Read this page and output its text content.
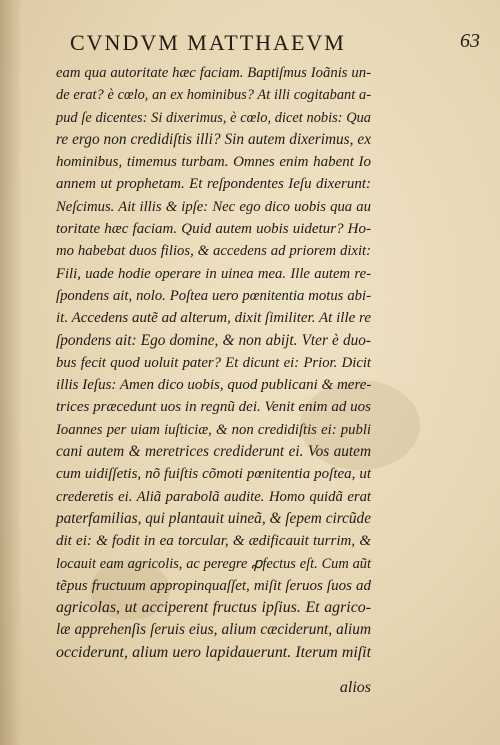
CVNDVM MATTHAEVM	63
eam qua autoritate hæc faciam. Baptiſmus Ioãnis un-
de erat? è cœlo, an ex hominibus? At illi cogitabant a-
pud ſe dicentes: Si dixerimus, è cœlo, dicet nobis: Qua
re ergo non credidiſtis illi? Sin autem dixerimus, ex
hominibus, timemus turbam. Omnes enim habent Io
annem ut prophetam. Et reſpondentes Ieſu dixerunt:
Neſcimus. Ait illis & ipſe: Nec ego dico uobis qua au
toritate hæc faciam. Quid autem uobis uidetur? Ho-
mo habebat duos filios, & accedens ad priorem dixit:
Fili, uade hodie operare in uinea mea. Ille autem re-
ſpondens ait, nolo. Poſtea uero pœnitentia motus abi-
it. Accedens autẽ ad alterum, dixit ſimiliter. At ille re
ſpondens ait: Ego domine, & non abijt. Vter è duo-
bus fecit quod uoluit pater? Et dicunt ei: Prior. Dicit
illis Ieſus: Amen dico uobis, quod publicani & mere-
trices præcedunt uos in regnũ dei. Venit enim ad uos
Ioannes per uiam iuſticiæ, & non credidiſtis ei: publi
cani autem & meretrices crediderunt ei. Vos autem
cum uidiſſetis, nõ fuiſtis cõmoti pœnitentia poſtea, ut
crederetis ei. Aliã parabolã audite. Homo quidã erat
paterfamilias, qui plantauit uineã, & ſepem circũde
dit ei: & fodit in ea torcular, & ædificauit turrim, &
locauit eam agricolis, ac peregre ꝓfectus eſt. Cum aũt
tẽpus fructuum appropinquaſſet, miſit ſeruos ſuos ad
agricolas, ut acciperent fructus ipſius. Et agrico-
læ apprehenſis ſeruis eius, alium cæciderunt, alium
occiderunt, alium uero lapidauerunt. Iterum miſit
alios
